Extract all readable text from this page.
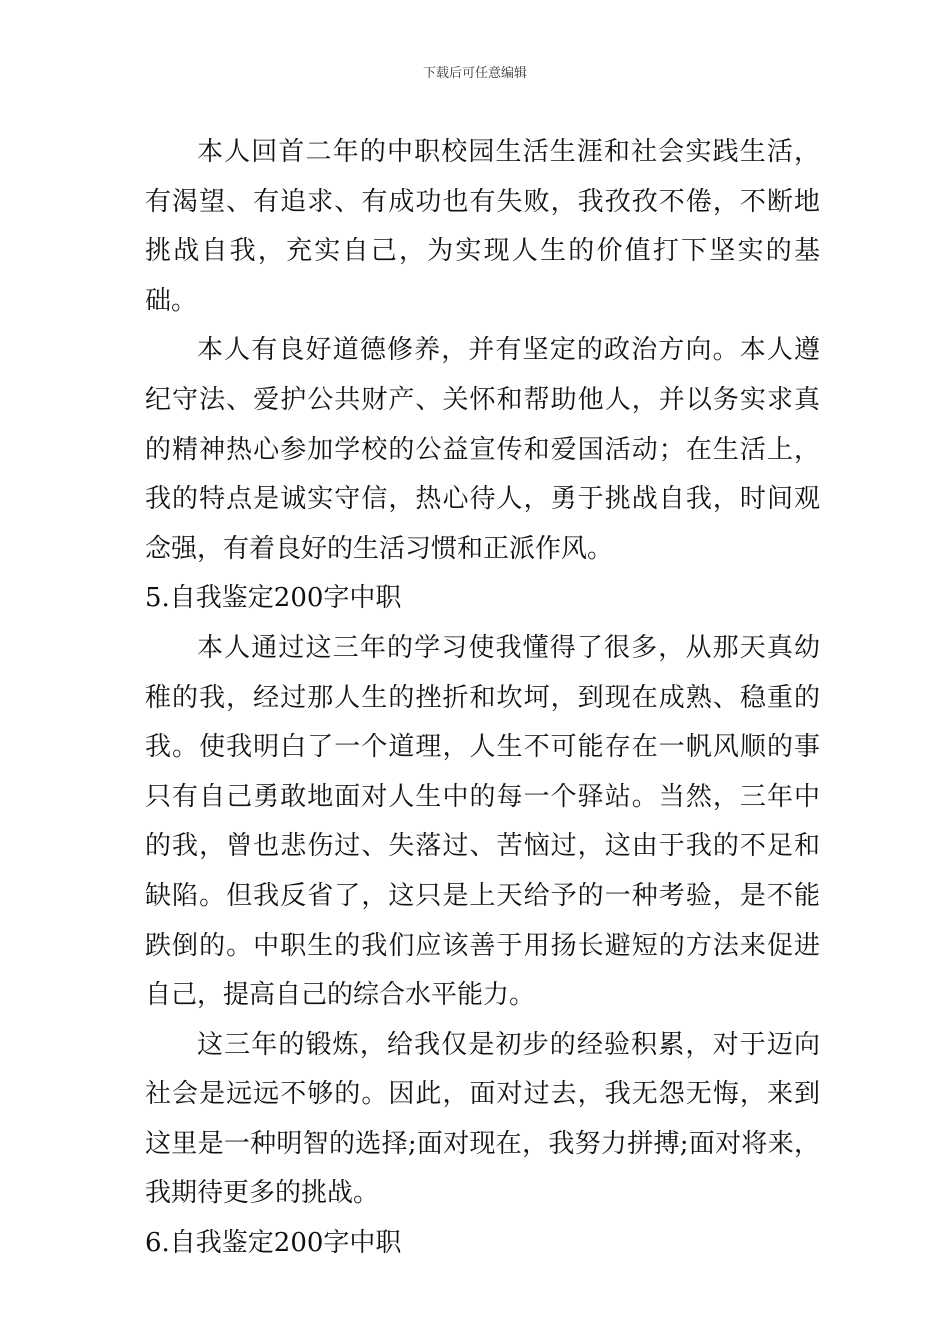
下载后可任意编辑

本人回首二年的中职校园生活生涯和社会实践生活，有渴望、有追求、有成功也有失败，我孜孜不倦，不断地挑战自我，充实自己，为实现人生的价值打下坚实的基础。

本人有良好道德修养，并有坚定的政治方向。本人遵纪守法、爱护公共财产、关怀和帮助他人，并以务实求真的精神热心参加学校的公益宣传和爱国活动；在生活上，我的特点是诚实守信，热心待人，勇于挑战自我，时间观念强，有着良好的生活习惯和正派作风。

5.自我鉴定200字中职

本人通过这三年的学习使我懂得了很多，从那天真幼稚的我，经过那人生的挫折和坎坷，到现在成熟、稳重的我。使我明白了一个道理，人生不可能存在一帆风顺的事只有自己勇敢地面对人生中的每一个驿站。当然，三年中的我，曾也悲伤过、失落过、苦恼过，这由于我的不足和缺陷。但我反省了，这只是上天给予的一种考验，是不能跌倒的。中职生的我们应该善于用扬长避短的方法来促进自己，提高自己的综合水平能力。

这三年的锻炼，给我仅是初步的经验积累，对于迈向社会是远远不够的。因此，面对过去，我无怨无悔，来到这里是一种明智的选择;面对现在，我努力拼搏;面对将来，我期待更多的挑战。

6.自我鉴定200字中职
